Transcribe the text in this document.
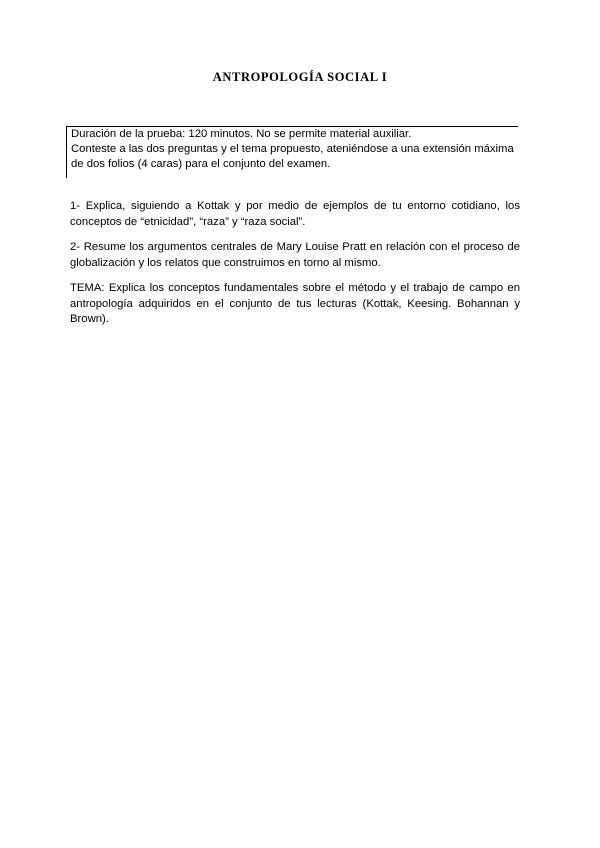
ANTROPOLOGÍA SOCIAL I

Duración de la prueba: 120 minutos. No se permite material auxiliar.

Conteste a las dos preguntas y el tema propuesto, ateniéndose a una extensión máxima de dos folios (4 caras) para el conjunto del examen.

1- Explica, siguiendo a Kottak y por medio de ejemplos de tu entorno cotidiano, los conceptos de “etnicidad”, “raza” y “raza social”.

2- Resume los argumentos centrales de Mary Louise Pratt en relación con el proceso de globalización y los relatos que construimos en torno al mismo.

TEMA: Explica los conceptos fundamentales sobre el método y el trabajo de campo en antropología adquiridos en el conjunto de tus lecturas (Kottak, Keesing. Bohannan y Brown).
